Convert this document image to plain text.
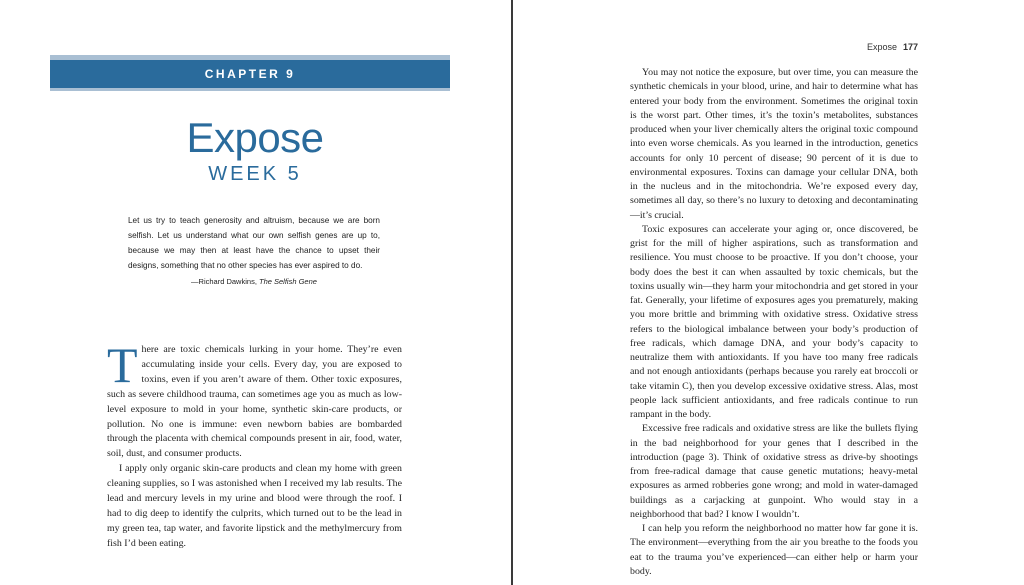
CHAPTER 9
Expose
WEEK 5

Let us try to teach generosity and altruism, because we are born selfish. Let us understand what our own selfish genes are up to, because we may then at least have the chance to upset their designs, something that no other species has ever aspired to do.

—Richard Dawkins, The Selfish Gene

There are toxic chemicals lurking in your home. They’re even accumulating inside your cells. Every day, you are exposed to toxins, even if you aren’t aware of them. Other toxic exposures, such as severe childhood trauma, can sometimes age you as much as low-level exposure to mold in your home, synthetic skin-care products, or pollution. No one is immune: even newborn babies are bombarded through the placenta with chemical compounds present in air, food, water, soil, dust, and consumer products.

I apply only organic skin-care products and clean my home with green cleaning supplies, so I was astonished when I received my lab results. The lead and mercury levels in my urine and blood were through the roof. I had to dig deep to identify the culprits, which turned out to be the lead in my green tea, tap water, and favorite lipstick and the methylmercury from fish I’d been eating.

Expose 177

You may not notice the exposure, but over time, you can measure the synthetic chemicals in your blood, urine, and hair to determine what has entered your body from the environment. Sometimes the original toxin is the worst part. Other times, it’s the toxin’s metabolites, substances produced when your liver chemically alters the original toxic compound into even worse chemicals. As you learned in the introduction, genetics accounts for only 10 percent of disease; 90 percent of it is due to environmental exposures. Toxins can damage your cellular DNA, both in the nucleus and in the mitochondria. We’re exposed every day, sometimes all day, so there’s no luxury to detoxing and decontaminating—it’s crucial.

Toxic exposures can accelerate your aging or, once discovered, be grist for the mill of higher aspirations, such as transformation and resilience. You must choose to be proactive. If you don’t choose, your body does the best it can when assaulted by toxic chemicals, but the toxins usually win—they harm your mitochondria and get stored in your fat. Generally, your lifetime of exposures ages you prematurely, making you more brittle and brimming with oxidative stress. Oxidative stress refers to the biological imbalance between your body’s production of free radicals, which damage DNA, and your body’s capacity to neutralize them with antioxidants. If you have too many free radicals and not enough antioxidants (perhaps because you rarely eat broccoli or take vitamin C), then you develop excessive oxidative stress. Alas, most people lack sufficient antioxidants, and free radicals continue to run rampant in the body.

Excessive free radicals and oxidative stress are like the bullets flying in the bad neighborhood for your genes that I described in the introduction (page 3). Think of oxidative stress as drive-by shootings from free-radical damage that cause genetic mutations; heavy-metal exposures as armed robberies gone wrong; and mold in water-damaged buildings as a carjacking at gunpoint. Who would stay in a neighborhood that bad? I know I wouldn’t.

I can help you reform the neighborhood no matter how far gone it is. The environment—everything from the air you breathe to the foods you eat to the trauma you’ve experienced—can either help or harm your body.
